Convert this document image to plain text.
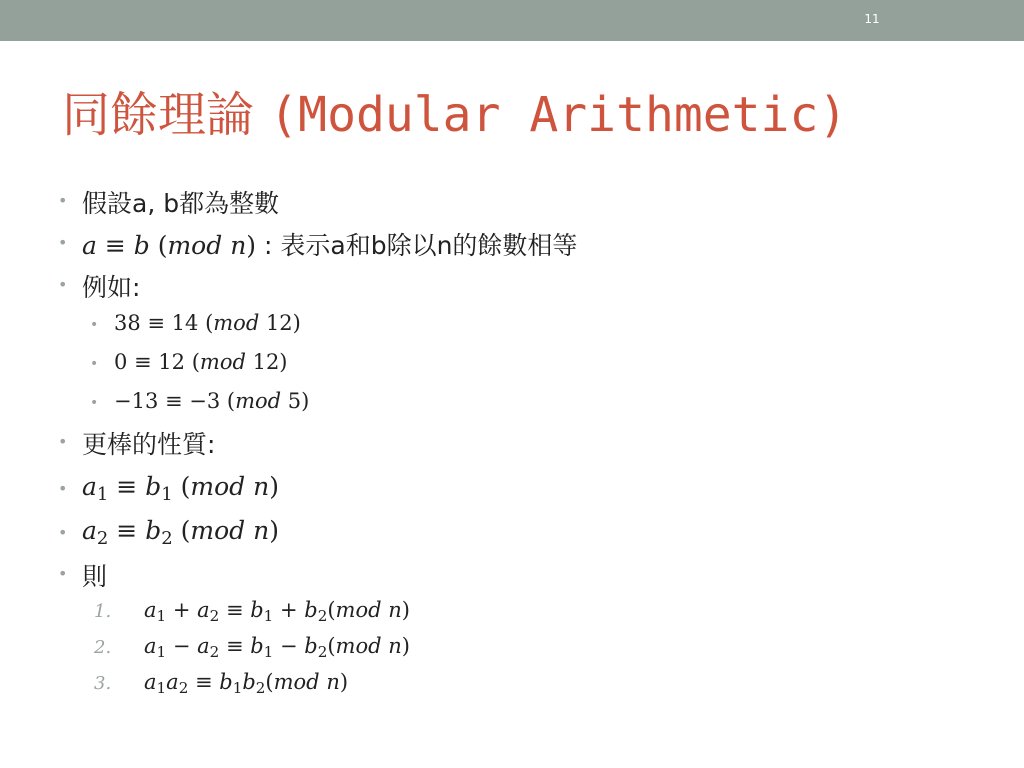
11
同餘理論 (Modular Arithmetic)
• 假設a, b都為整數
• a ≡ b (mod n) : 表示a和b除以n的餘數相等
• 例如:
• 38 ≡ 14 (mod 12)
• 0 ≡ 12 (mod 12)
• −13 ≡ −3 (mod 5)
• 更棒的性質:
• $a_1 \equiv b_1$ (mod n)
• $a_2 \equiv b_2$ (mod n)
• 則
1. $a_1 + a_2 \equiv b_1 + b_2(mod$ n)
2. $a_1 - a_2 \equiv b_1 - b_2(mod$ n)
3. $a_1a_2 \equiv b_1b_2(mod$ n)
